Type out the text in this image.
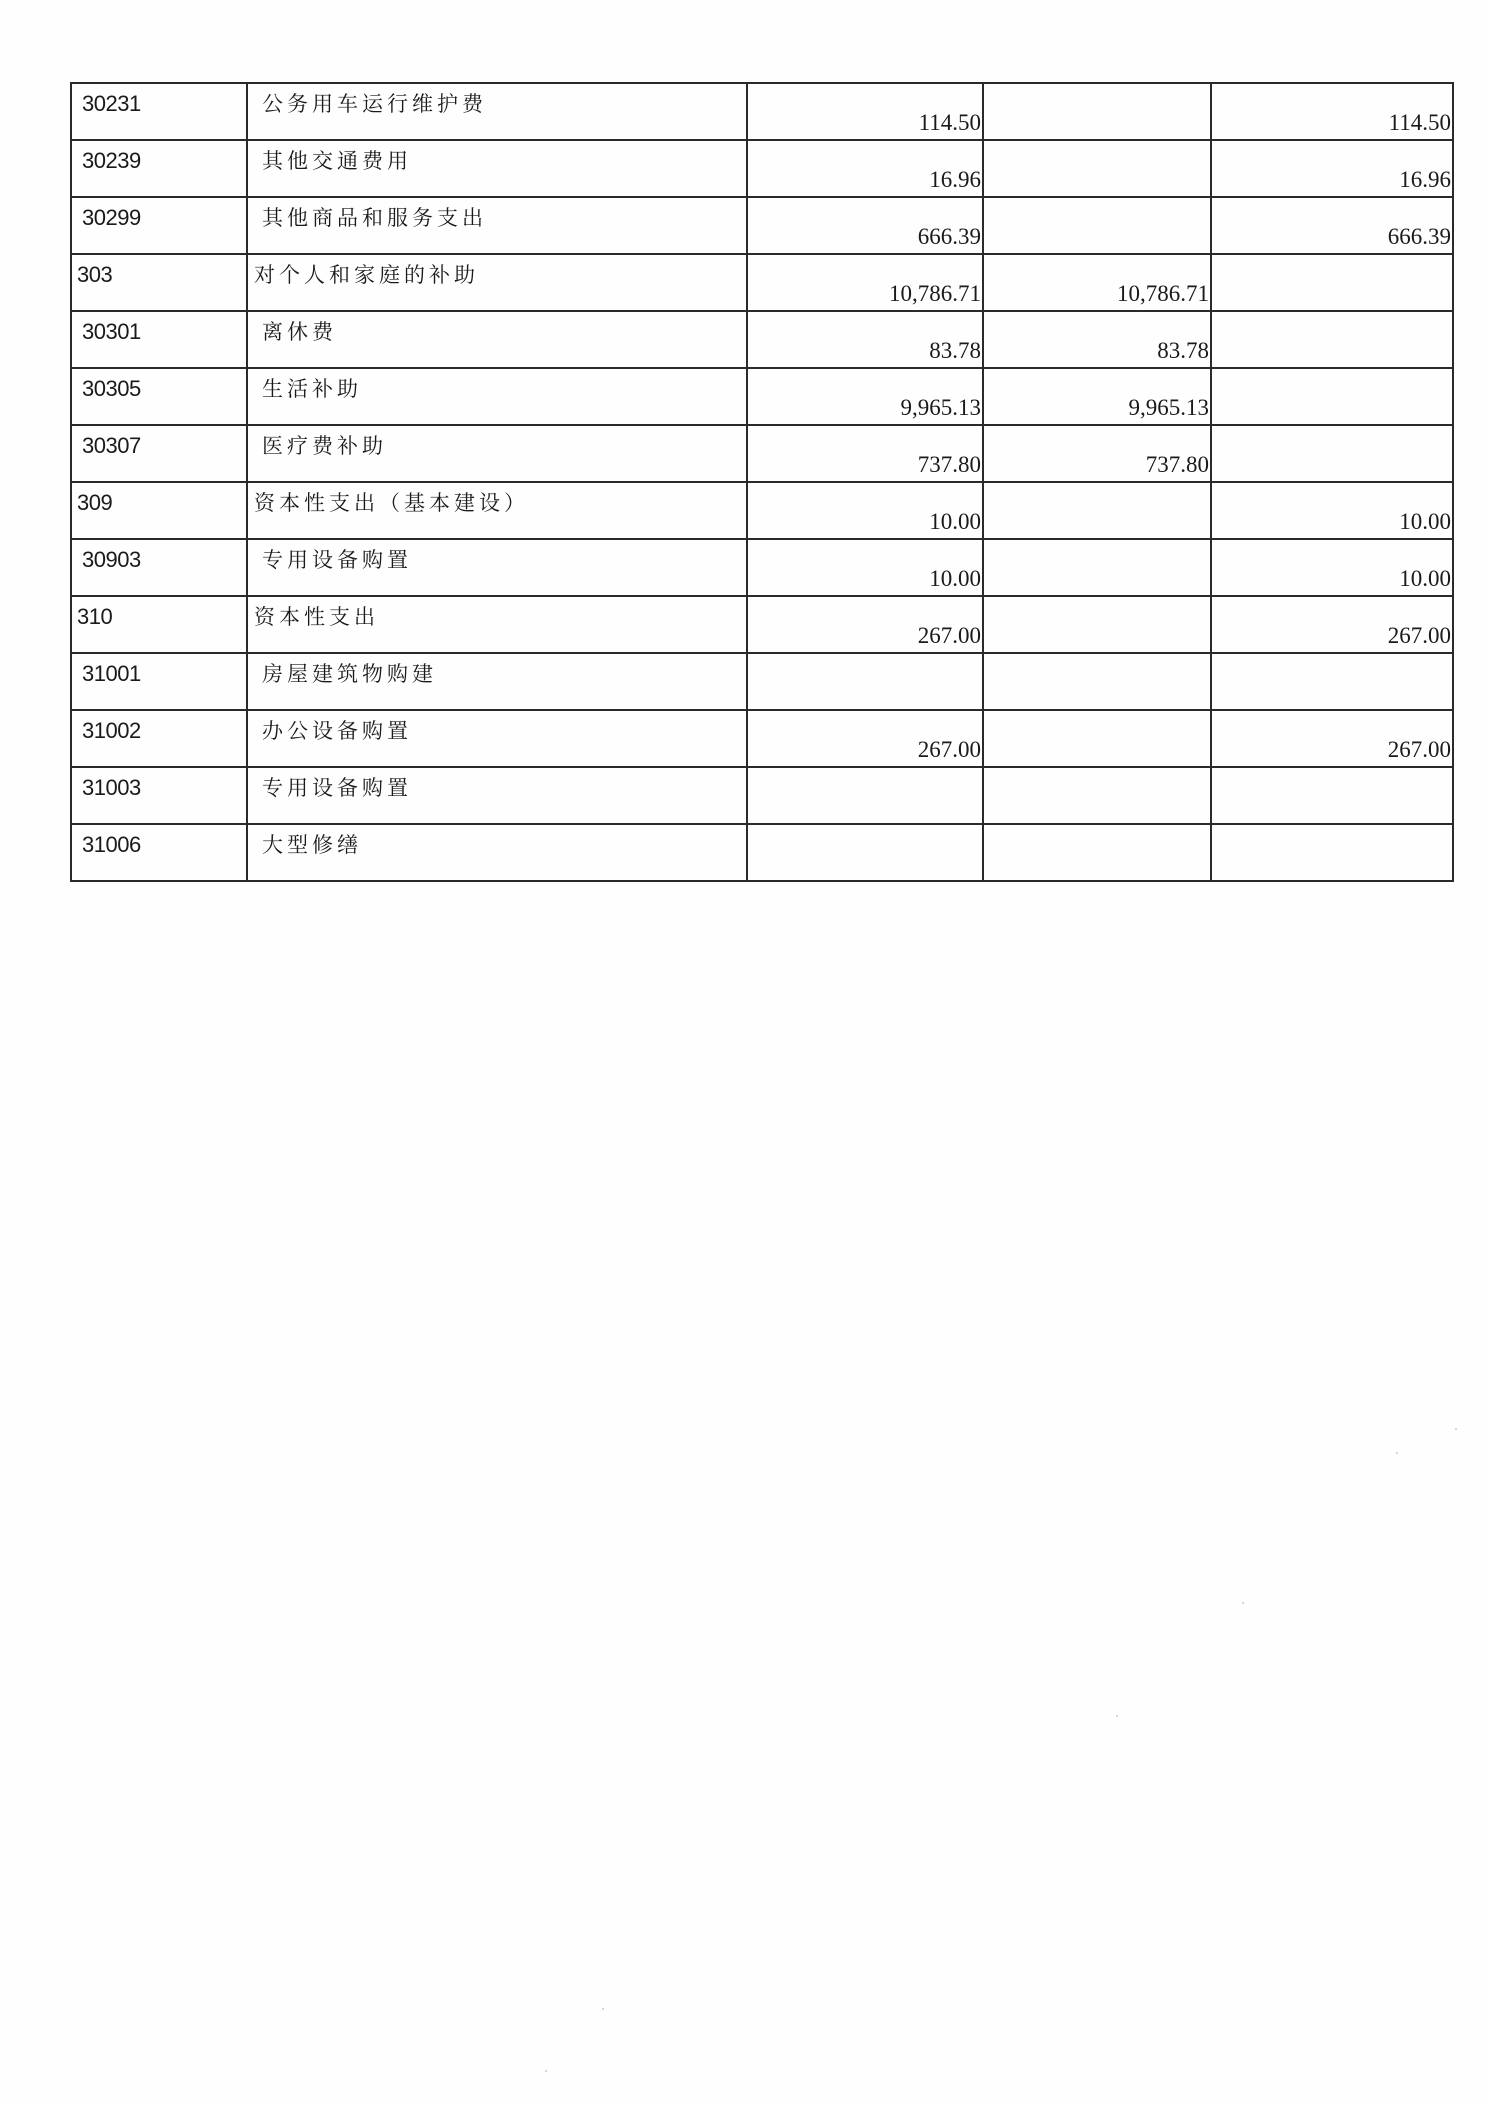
30231	公务用车运行维护费	114.50		114.50
30239	其他交通费用	16.96		16.96
30299	其他商品和服务支出	666.39		666.39
303	对个人和家庭的补助	10,786.71	10,786.71	
30301	离休费	83.78	83.78	
30305	生活补助	9,965.13	9,965.13	
30307	医疗费补助	737.80	737.80	
309	资本性支出（基本建设）	10.00		10.00
30903	专用设备购置	10.00		10.00
310	资本性支出	267.00		267.00
31001	房屋建筑物购建			
31002	办公设备购置	267.00		267.00
31003	专用设备购置			
31006	大型修缮			
